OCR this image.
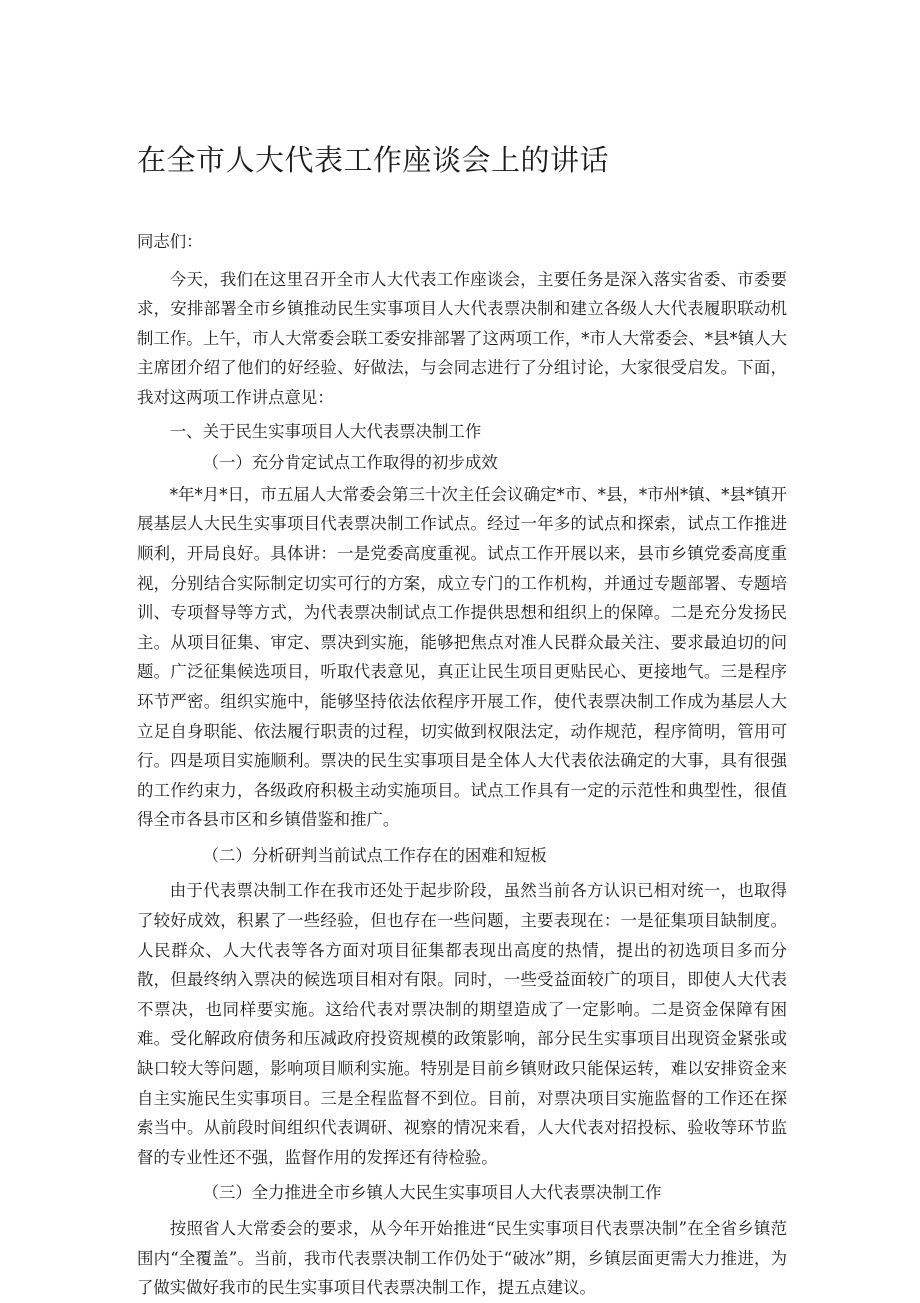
在全市人大代表工作座谈会上的讲话

同志们：

今天，我们在这里召开全市人大代表工作座谈会，主要任务是深入落实省委、市委要求，安排部署全市乡镇推动民生实事项目人大代表票决制和建立各级人大代表履职联动机制工作。上午，市人大常委会联工委安排部署了这两项工作，*市人大常委会、*县*镇人大主席团介绍了他们的好经验、好做法，与会同志进行了分组讨论，大家很受启发。下面，我对这两项工作讲点意见：

一、关于民生实事项目人大代表票决制工作

（一）充分肯定试点工作取得的初步成效

*年*月*日，市五届人大常委会第三十次主任会议确定*市、*县，*市州*镇、*县*镇开展基层人大民生实事项目代表票决制工作试点。经过一年多的试点和探索，试点工作推进顺利，开局良好。具体讲：一是党委高度重视。试点工作开展以来，县市乡镇党委高度重视，分别结合实际制定切实可行的方案，成立专门的工作机构，并通过专题部署、专题培训、专项督导等方式，为代表票决制试点工作提供思想和组织上的保障。二是充分发扬民主。从项目征集、审定、票决到实施，能够把焦点对准人民群众最关注、要求最迫切的问题。广泛征集候选项目，听取代表意见，真正让民生项目更贴民心、更接地气。三是程序环节严密。组织实施中，能够坚持依法依程序开展工作，使代表票决制工作成为基层人大立足自身职能、依法履行职责的过程，切实做到权限法定，动作规范，程序简明，管用可行。四是项目实施顺利。票决的民生实事项目是全体人大代表依法确定的大事，具有很强的工作约束力，各级政府积极主动实施项目。试点工作具有一定的示范性和典型性，很值得全市各县市区和乡镇借鉴和推广。

（二）分析研判当前试点工作存在的困难和短板

由于代表票决制工作在我市还处于起步阶段，虽然当前各方认识已相对统一，也取得了较好成效，积累了一些经验，但也存在一些问题，主要表现在：一是征集项目缺制度。人民群众、人大代表等各方面对项目征集都表现出高度的热情，提出的初选项目多而分散，但最终纳入票决的候选项目相对有限。同时，一些受益面较广的项目，即使人大代表不票决，也同样要实施。这给代表对票决制的期望造成了一定影响。二是资金保障有困难。受化解政府债务和压减政府投资规模的政策影响，部分民生实事项目出现资金紧张或缺口较大等问题，影响项目顺利实施。特别是目前乡镇财政只能保运转，难以安排资金来自主实施民生实事项目。三是全程监督不到位。目前，对票决项目实施监督的工作还在探索当中。从前段时间组织代表调研、视察的情况来看，人大代表对招投标、验收等环节监督的专业性还不强，监督作用的发挥还有待检验。

（三）全力推进全市乡镇人大民生实事项目人大代表票决制工作

按照省人大常委会的要求，从今年开始推进“民生实事项目代表票决制”在全省乡镇范围内“全覆盖”。当前，我市代表票决制工作仍处于“破冰”期，乡镇层面更需大力推进，为了做实做好我市的民生实事项目代表票决制工作，提五点建议。
